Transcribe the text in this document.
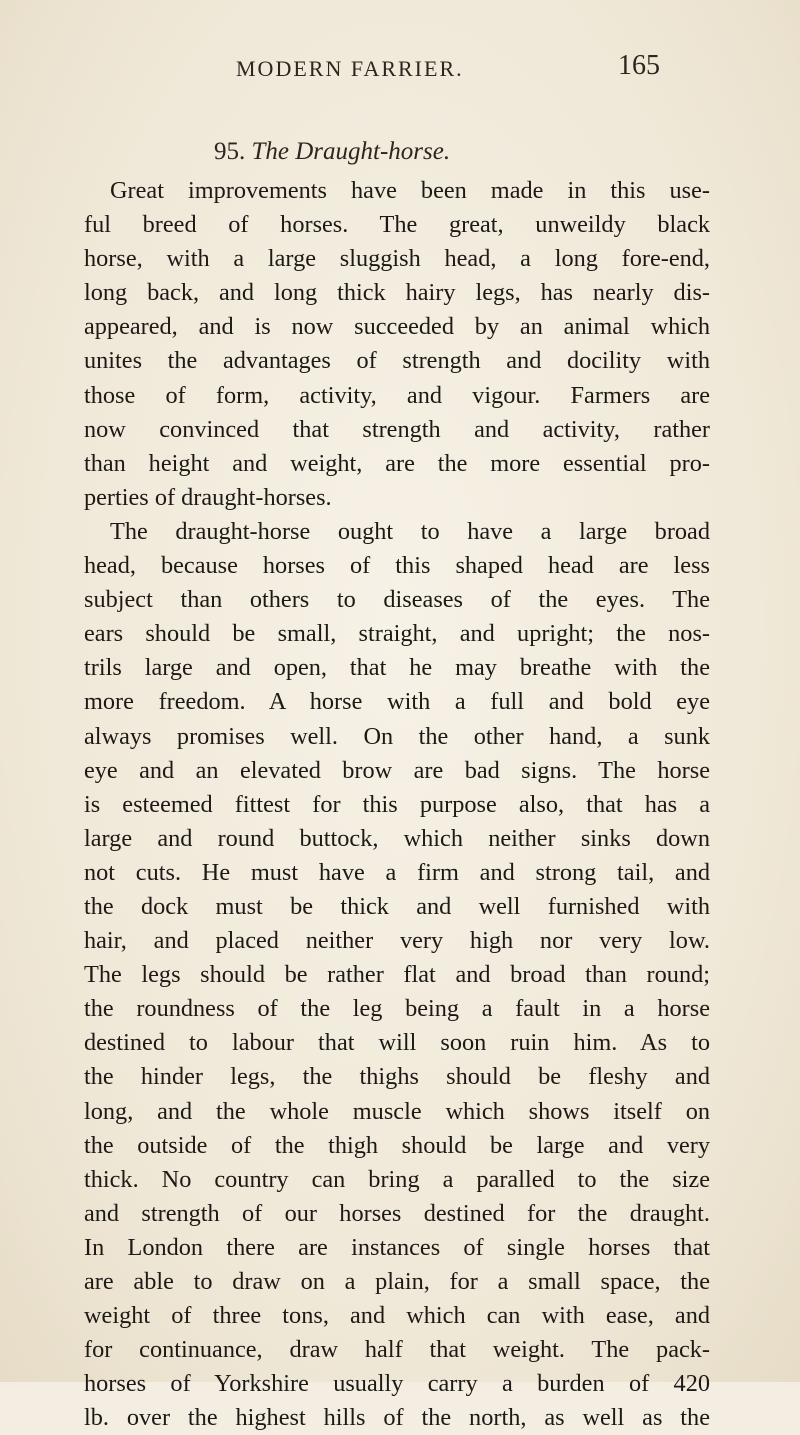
MODERN FARRIER.	165
95. The Draught-horse.
Great improvements have been made in this use-
ful breed of horses. The great, unweildy black
horse, with a large sluggish head, a long fore-end,
long back, and long thick hairy legs, has nearly dis-
appeared, and is now succeeded by an animal which
unites the advantages of strength and docility with
those of form, activity, and vigour. Farmers are
now convinced that strength and activity, rather
than height and weight, are the more essential pro-
perties of draught-horses.
The draught-horse ought to have a large broad
head, because horses of this shaped head are less
subject than others to diseases of the eyes. The
ears should be small, straight, and upright; the nos-
trils large and open, that he may breathe with the
more freedom. A horse with a full and bold eye
always promises well. On the other hand, a sunk
eye and an elevated brow are bad signs. The horse
is esteemed fittest for this purpose also, that has a
large and round buttock, which neither sinks down
not cuts. He must have a firm and strong tail, and
the dock must be thick and well furnished with
hair, and placed neither very high nor very low.
The legs should be rather flat and broad than round;
the roundness of the leg being a fault in a horse
destined to labour that will soon ruin him. As to
the hinder legs, the thighs should be fleshy and
long, and the whole muscle which shows itself on
the outside of the thigh should be large and very
thick. No country can bring a paralled to the size
and strength of our horses destined for the draught.
In London there are instances of single horses that
are able to draw on a plain, for a small space, the
weight of three tons, and which can with ease, and
for continuance, draw half that weight. The pack-
horses of Yorkshire usually carry a burden of 420
lb. over the highest hills of the north, as well as the
